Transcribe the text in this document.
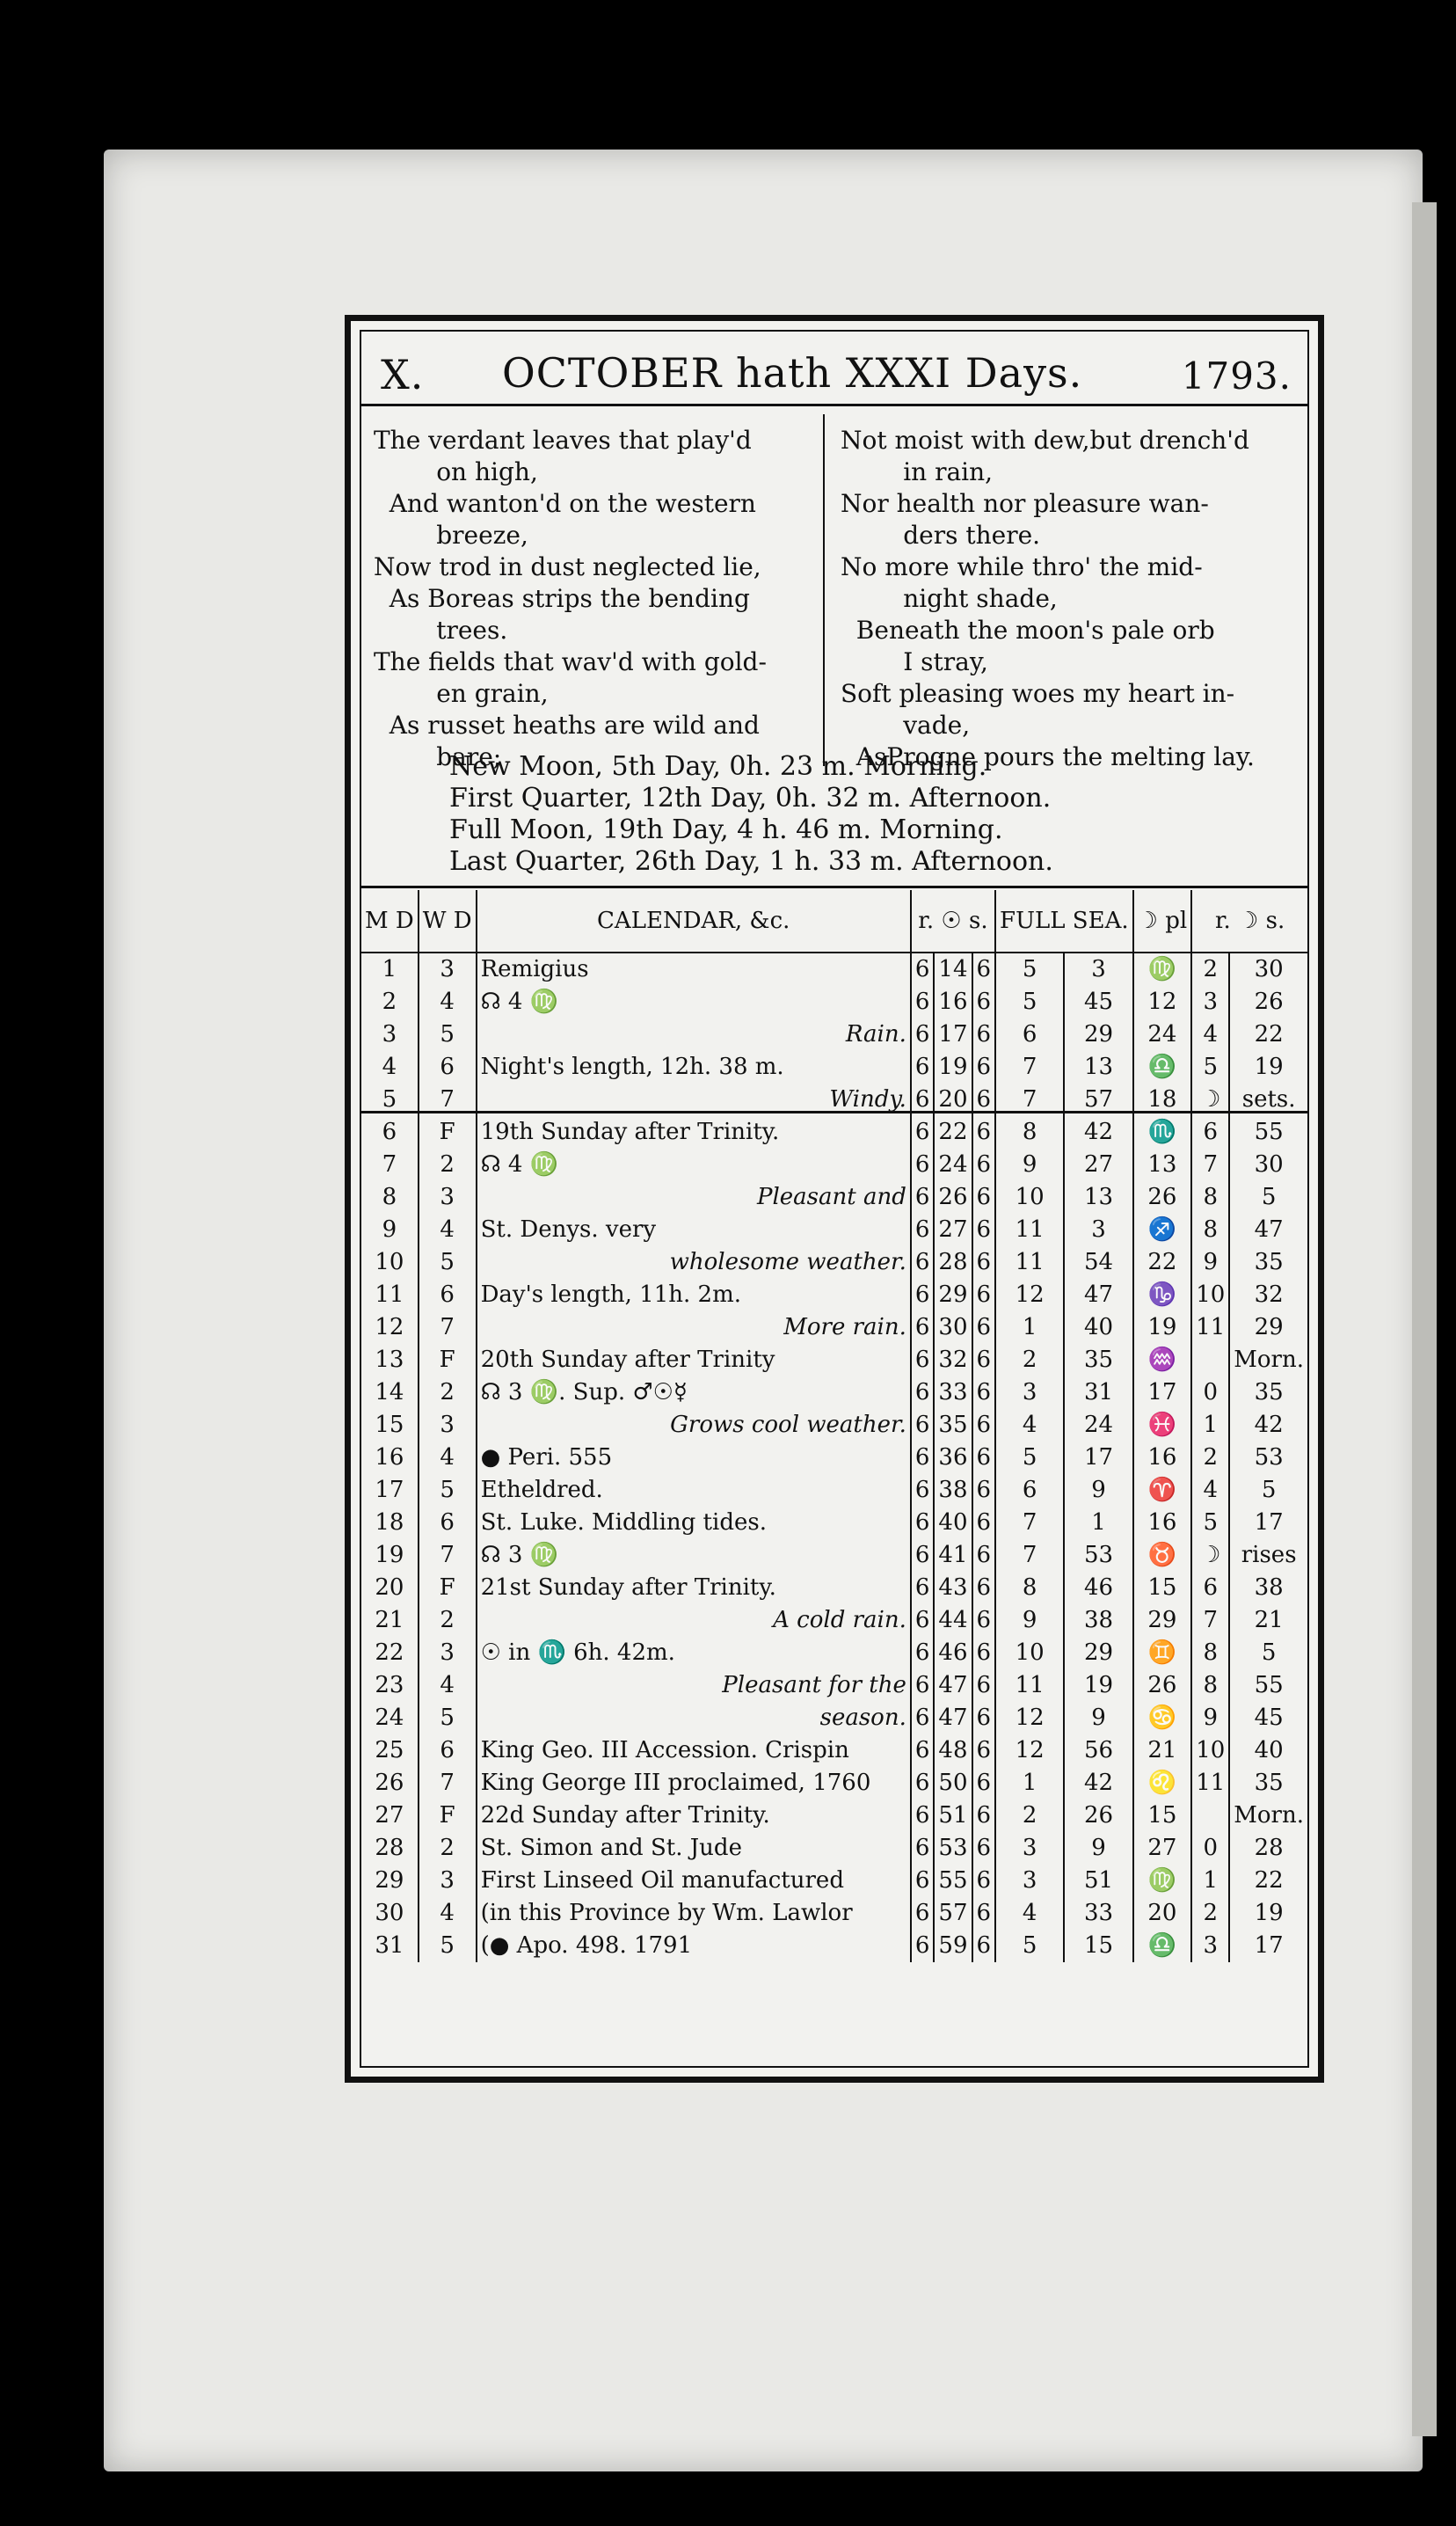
X. OCTOBER hath XXXI Days.	1793.
The verdant leaves that play'd
on high,
And wanton'd on the western
breeze,
Now trod in dust neglected lie,
As Boreas strips the bending
trees.
The fields that wav'd with gold-
en grain,
As russet heaths are wild and
bare;
Not moist with dew,but drench'd
in rain,
Nor health nor pleasure wan-
ders there.
No more while thro' the mid-
night shade,
Beneath the moon's pale orb
I stray,
Soft pleasing woes my heart in-
vade,
AsProgne pours the melting lay.
New Moon, 5th Day, 0h. 23 m. Morning.
First Quarter, 12th Day, 0h. 32 m. Afternoon.
Full Moon, 19th Day, 4 h. 46 m. Morning.
Last Quarter, 26th Day, 1 h. 33 m. Afternoon.
M D	W D	CALENDAR, &c.	r. ☉ s.			FULL SEA.		☽ pl	r. ☽ s.	
1	3	Remigius	6	14	6	5	3	♍	2	30
2	4	☊ 4 ♍	6	16	6	5	45	12	3	26
3	5	Rain.	6	17	6	6	29	24	4	22
4	6	Night's length, 12h. 38 m.	6	19	6	7	13	♎	5	19
5	7	Windy.	6	20	6	7	57	18	☽	sets.
6	F	19th Sunday after Trinity.	6	22	6	8	42	♏	6	55
7	2	☊ 4 ♍	6	24	6	9	27	13	7	30
8	3	Pleasant and	6	26	6	10	13	26	8	5
9	4	St. Denys. very	6	27	6	11	3	♐	8	47
10	5	wholesome weather.	6	28	6	11	54	22	9	35
11	6	Day's length, 11h. 2m.	6	29	6	12	47	♑	10	32
12	7	More rain.	6	30	6	1	40	19	11	29
13	F	20th Sunday after Trinity	6	32	6	2	35	♒		Morn.
14	2	☊ 3 ♍. Sup. ♂☉☿	6	33	6	3	31	17	0	35
15	3	Grows cool weather.	6	35	6	4	24	♓	1	42
16	4	● Peri. 555	6	36	6	5	17	16	2	53
17	5	Etheldred.	6	38	6	6	9	♈	4	5
18	6	St. Luke. Middling tides.	6	40	6	7	1	16	5	17
19	7	☊ 3 ♍	6	41	6	7	53	♉	☽	rises
20	F	21st Sunday after Trinity.	6	43	6	8	46	15	6	38
21	2	A cold rain.	6	44	6	9	38	29	7	21
22	3	☉ in ♏ 6h. 42m.	6	46	6	10	29	♊	8	5
23	4	Pleasant for the	6	47	6	11	19	26	8	55
24	5	season.	6	47	6	12	9	♋	9	45
25	6	King Geo. III Accession. Crispin	6	48	6	12	56	21	10	40
26	7	King George III proclaimed, 1760	6	50	6	1	42	♌	11	35
27	F	22d Sunday after Trinity.	6	51	6	2	26	15		Morn.
28	2	St. Simon and St. Jude	6	53	6	3	9	27	0	28
29	3	First Linseed Oil manufactured	6	55	6	3	51	♍	1	22
30	4	(in this Province by Wm. Lawlor	6	57	6	4	33	20	2	19
31	5	(● Apo. 498. 1791	6	59	6	5	15	♎	3	17
